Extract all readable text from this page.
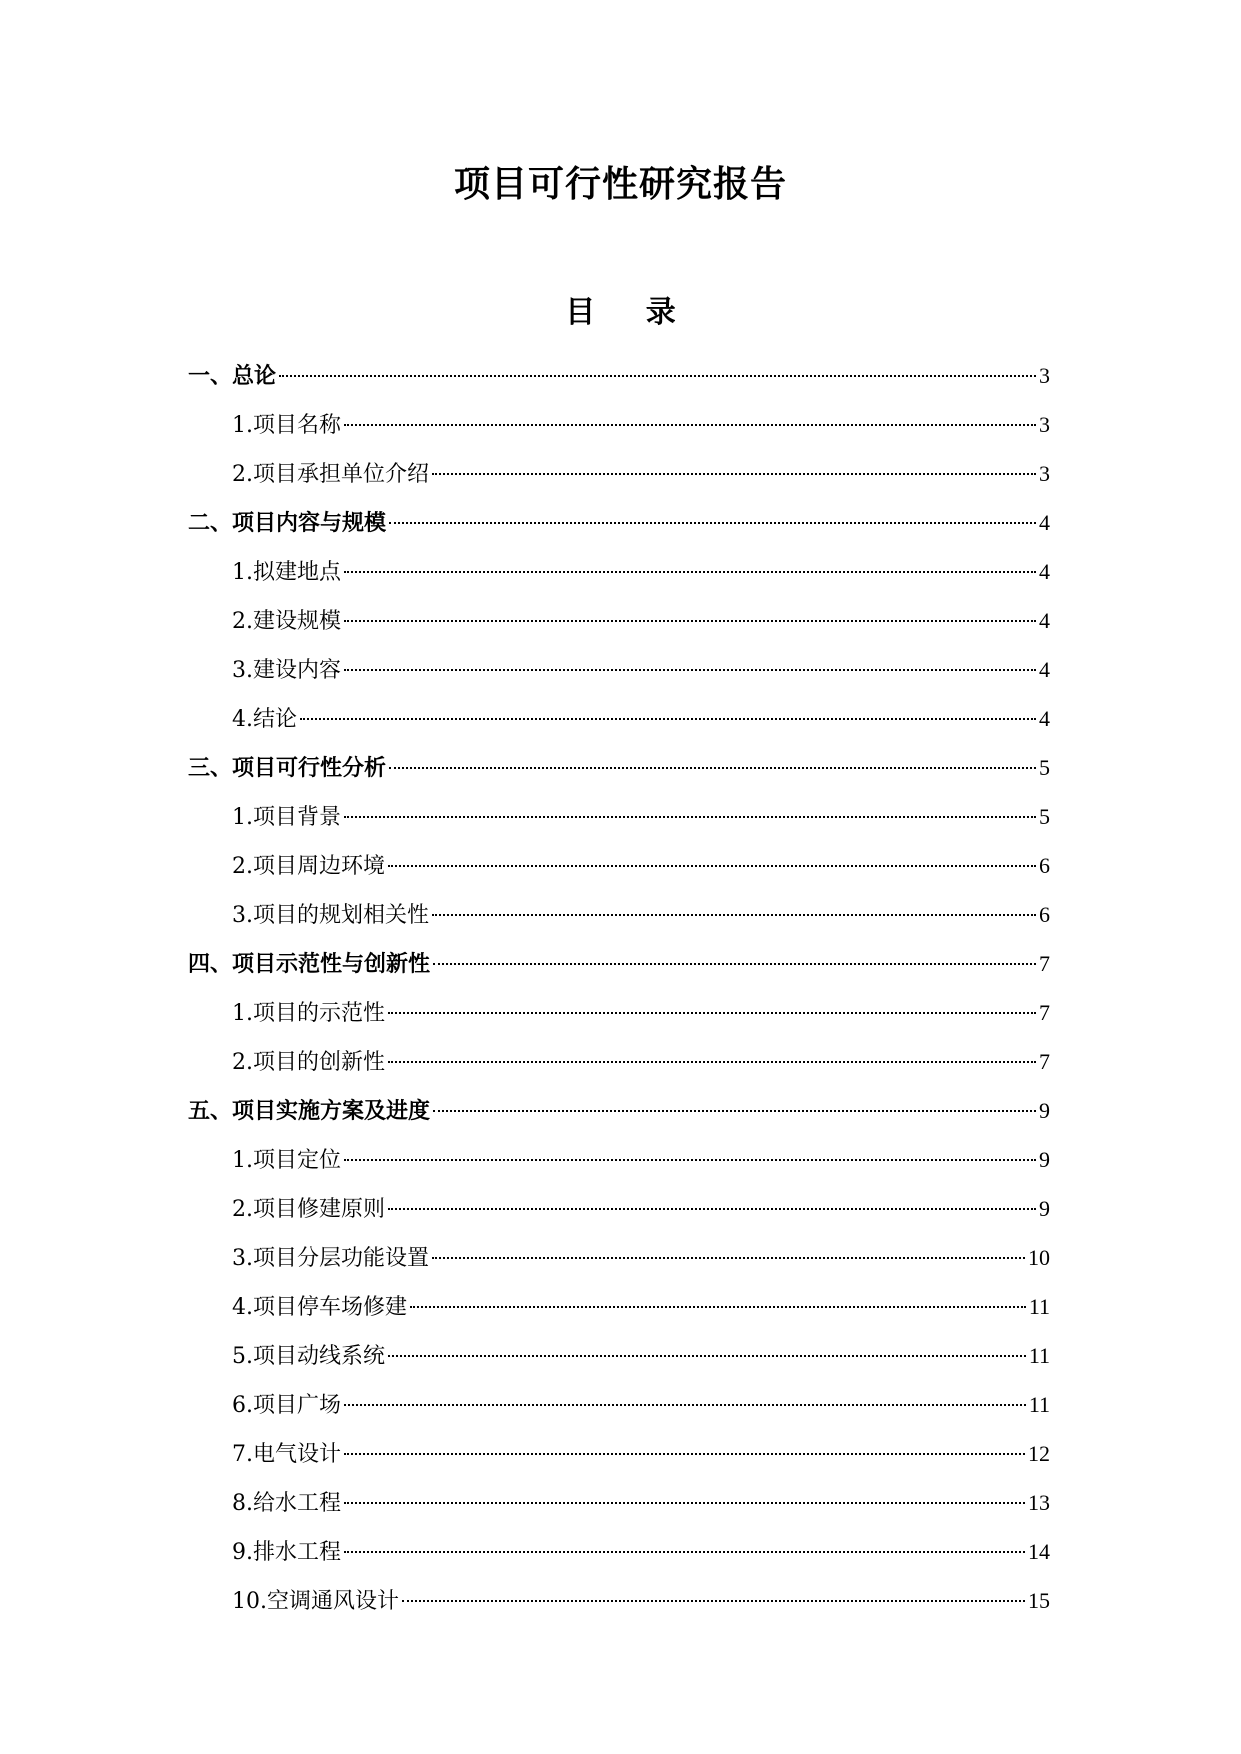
项目可行性研究报告
目 录
一、总论	3
1.项目名称	3
2.项目承担单位介绍	3
二、项目内容与规模	4
1.拟建地点	4
2.建设规模	4
3.建设内容	4
4.结论	4
三、项目可行性分析	5
1.项目背景	5
2.项目周边环境	6
3.项目的规划相关性	6
四、项目示范性与创新性	7
1.项目的示范性	7
2.项目的创新性	7
五、项目实施方案及进度	9
1.项目定位	9
2.项目修建原则	9
3.项目分层功能设置	10
4.项目停车场修建	11
5.项目动线系统	11
6.项目广场	11
7.电气设计	12
8.给水工程	13
9.排水工程	14
10.空调通风设计	15
